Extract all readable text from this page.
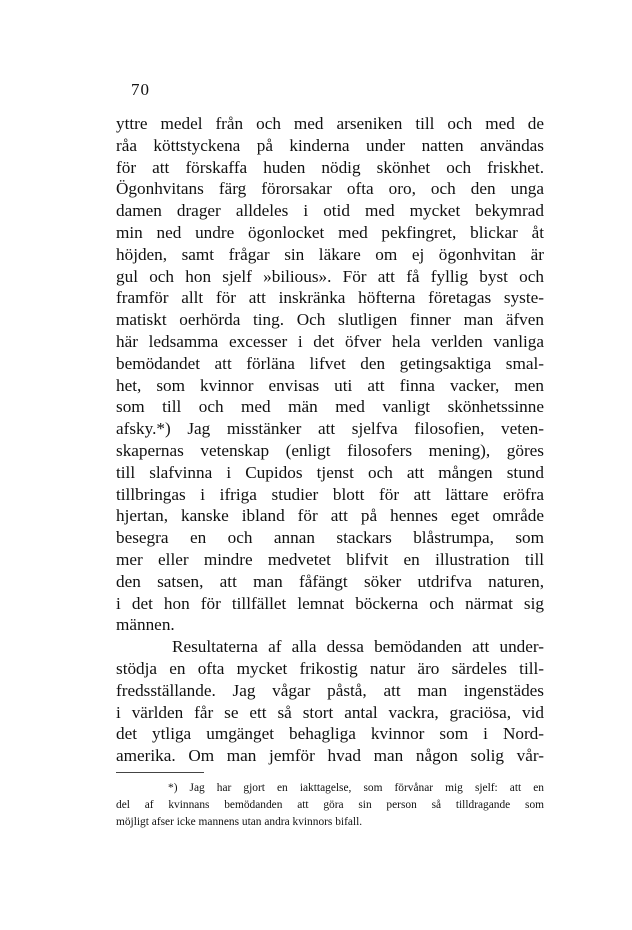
70
yttre medel från och med arseniken till och med de
råa köttstyckena på kinderna under natten användas
för att förskaffa huden nödig skönhet och friskhet.
Ögonhvitans färg förorsakar ofta oro, och den unga
damen drager alldeles i otid med mycket bekymrad
min ned undre ögonlocket med pekfingret, blickar åt
höjden, samt frågar sin läkare om ej ögonhvitan är
gul och hon sjelf »bilious». För att få fyllig byst och
framför allt för att inskränka höfterna företagas syste-
matiskt oerhörda ting. Och slutligen finner man äfven
här ledsamma excesser i det öfver hela verlden vanliga
bemödandet att förläna lifvet den getingsaktiga smal-
het, som kvinnor envisas uti att finna vacker, men
som till och med män med vanligt skönhetssinne
afsky.*) Jag misstänker att sjelfva filosofien, veten-
skapernas vetenskap (enligt filosofers mening), göres
till slafvinna i Cupidos tjenst och att mången stund
tillbringas i ifriga studier blott för att lättare eröfra
hjertan, kanske ibland för att på hennes eget område
besegra en och annan stackars blåstrumpa, som
mer eller mindre medvetet blifvit en illustration till
den satsen, att man fåfängt söker utdrifva naturen,
i det hon för tillfället lemnat böckerna och närmat sig
männen.
Resultaterna af alla dessa bemödanden att under-
stödja en ofta mycket frikostig natur äro särdeles till-
fredsställande. Jag vågar påstå, att man ingenstädes
i världen får se ett så stort antal vackra, graciösa, vid
det ytliga umgänget behagliga kvinnor som i Nord-
amerika. Om man jemför hvad man någon solig vår-
*) Jag har gjort en iakttagelse, som förvånar mig sjelf: att en
del af kvinnans bemödanden att göra sin person så tilldragande som
möjligt afser icke mannens utan andra kvinnors bifall.
